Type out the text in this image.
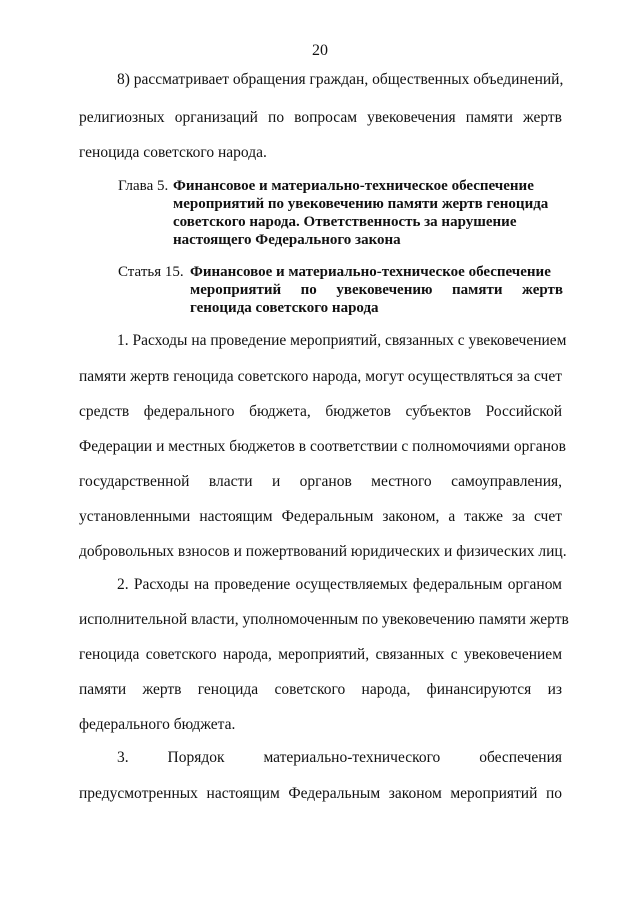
20

8) рассматривает обращения граждан, общественных объединений,

религиозных организаций по вопросам увековечения памяти жертв

геноцида советского народа.

Глава 5. Финансовое и материально-техническое обеспечение

мероприятий по увековечению памяти жертв геноцида

советского народа. Ответственность за нарушение

настоящего Федерального закона

Статья 15. Финансовое и материально-техническое обеспечение

мероприятий по увековечению памяти жертв

геноцида советского народа

1. Расходы на проведение мероприятий, связанных с увековечением

памяти жертв геноцида советского народа, могут осуществляться за счет

средств федерального бюджета, бюджетов субъектов Российской

Федерации и местных бюджетов в соответствии с полномочиями органов

государственной власти и органов местного самоуправления,

установленными настоящим Федеральным законом, а также за счет

добровольных взносов и пожертвований юридических и физических лиц.

2. Расходы на проведение осуществляемых федеральным органом

исполнительной власти, уполномоченным по увековечению памяти жертв

геноцида советского народа, мероприятий, связанных с увековечением

памяти жертв геноцида советского народа, финансируются из

федерального бюджета.

3. Порядок материально-технического обеспечения

предусмотренных настоящим Федеральным законом мероприятий по
